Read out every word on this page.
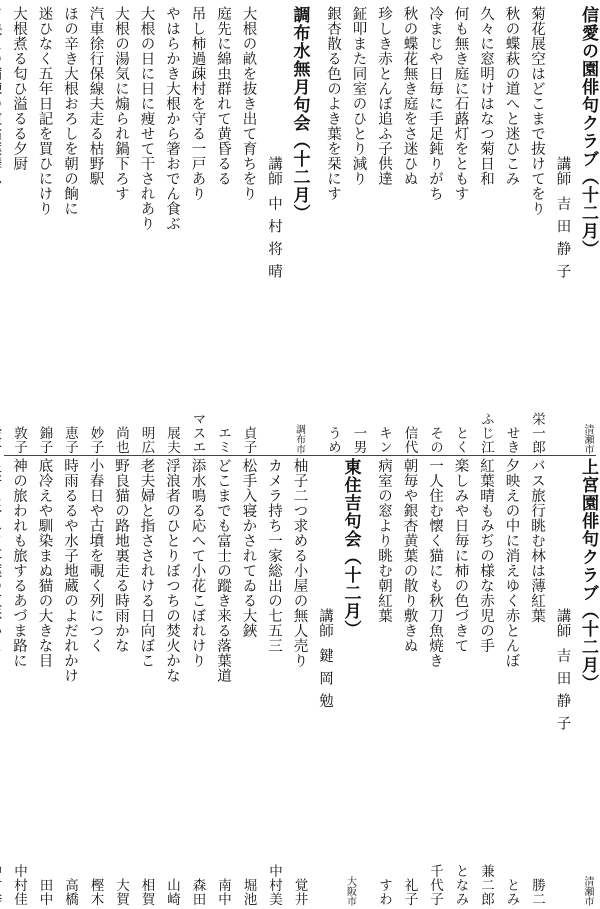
信愛の園俳句クラブ（十二月）
清瀬市
講師
吉田静子
菊花展空はどこまで抜けてをり
栄一郎
秋の蝶萩の道へと迷ひこみ
せき
久々に窓明けはなつ菊日和
ふじ江
何も無き庭に石蕗灯をともす
とく
冷まじや日毎に手足鈍りがち
その
秋の蝶花無き庭をさ迷ひぬ
信代
珍しき赤とんぼ追ふ子供達
キン
鉦叩また同室のひとり減り
一男
銀杏散る色のよき葉を栞にす
うめ
調布水無月句会（十二月）
調布市
講師
中村将晴
大根の畝を抜き出て育ちをり
貞子
庭先に綿虫群れて黄昏るる
エミ
吊し柿過疎村を守る一戸あり
マスエ
やはらかき大根から箸おでん食ぶ
展夫
大根の日に日に痩せて干されあり
明広
大根の湯気に煽られ鍋下ろす
尚也
汽車徐行保線夫走る枯野駅
妙子
ほの辛き大根おろしを朝の餉に
恵子
迷ひなく五年日記を買ひにけり
錦子
大根煮る匂ひ溢るる夕厨
敦子
上宮園俳句クラブ（十二月）
清瀬市
講師
吉田静子
バス旅行眺む林は薄紅葉
勝二
夕映えの中に消えゆく赤とんぼ
とみ
紅葉晴もみぢの様な赤児の手
兼二郎
楽しみや日毎に柿の色づきて
となみ
一人住む懐く猫にも秋刀魚焼き
千代子
朝毎や銀杏黄葉の散り敷きぬ
礼子
病室の窓より眺む朝紅葉
すわ
東住吉句会（十二月）
大阪市
講師
鍵岡勉
柚子二つ求める小屋の無人売り
覚井
カメラ持ち一家総出の七五三
中村美
松手入寝かされてゐる大鋏
堀池
どこまでも富士の蹤き来る落葉道
南中
添水鳴る応へて小花こぼれけり
森田
浮浪者のひとりぼつちの焚火かな
山崎
老夫婦と指さされける日向ぼこ
相賀
野良猫の路地裏走る時雨かな
大賀
小春日や古墳を覗く列につく
樫木
時雨るるや水子地蔵のよだれかけ
高橋
底冷えや馴染まぬ猫の大きな目
田中
神の旅われも旅するあづま路に
中村佳
